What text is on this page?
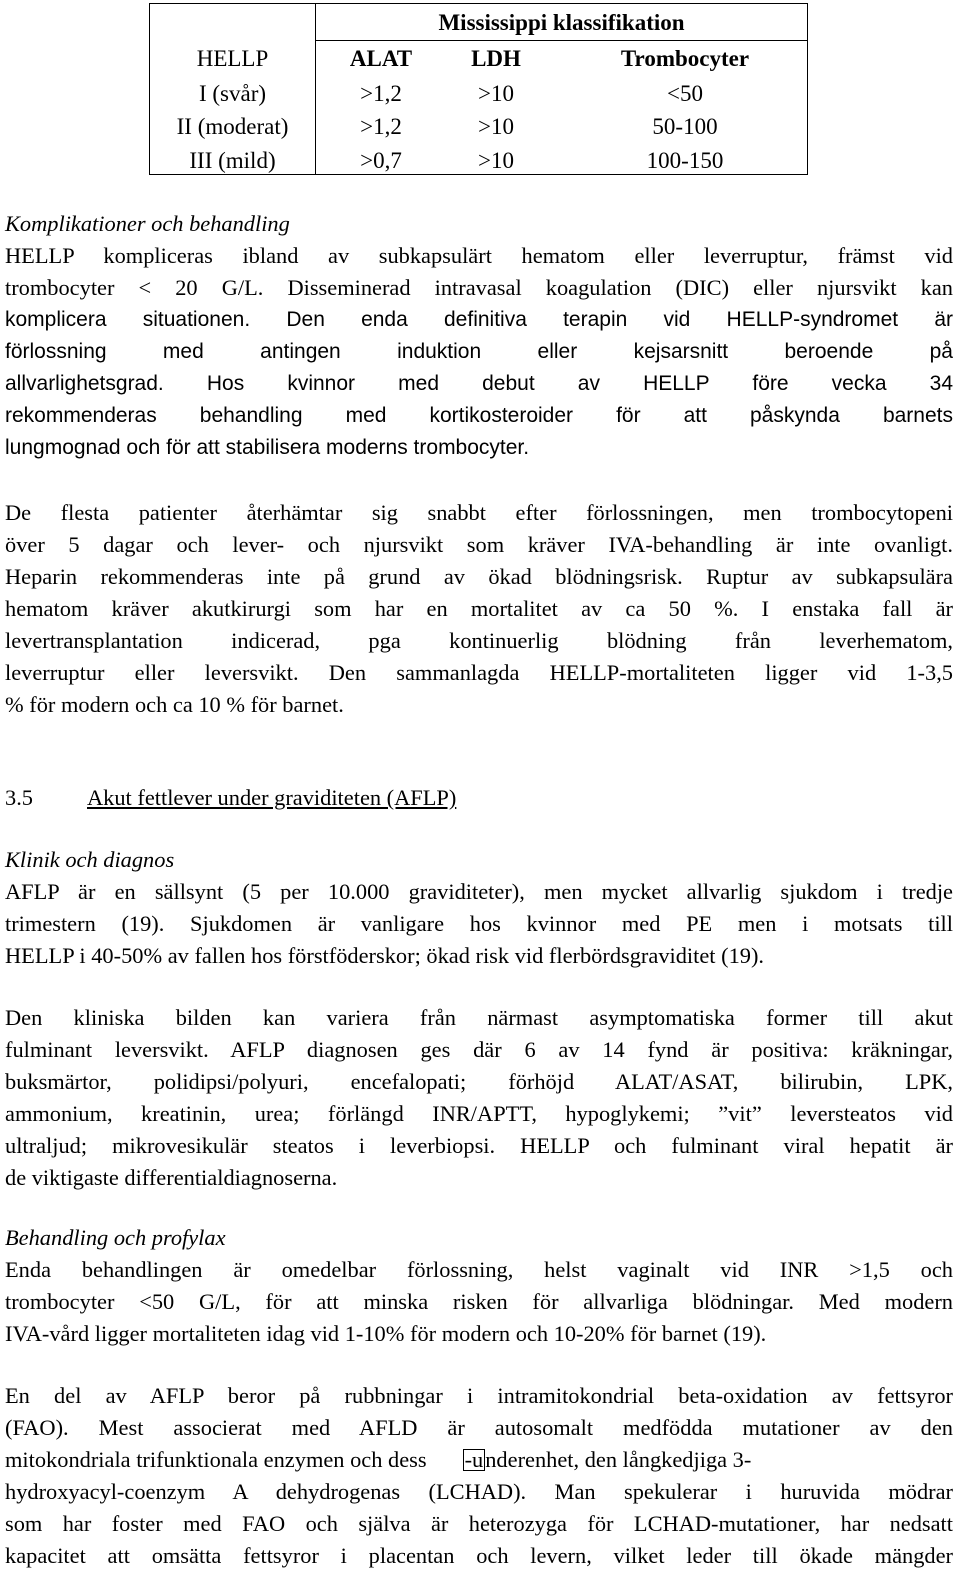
Mississippi klassifikation
HELLP	ALAT	LDH	Trombocyter
I (svår)	>1,2	>10	<50
II (moderat)	>1,2	>10	50-100
III (mild)	>0,7	>10	100-150
Komplikationer och behandling
HELLP kompliceras ibland av subkapsulärt hematom eller leverruptur, främst vid
trombocyter < 20 G/L. Disseminerad intravasal koagulation (DIC) eller njursvikt kan
komplicera situationen. Den enda definitiva terapin vid HELLP-syndromet är
förlossning med antingen induktion eller kejsarsnitt beroende på
allvarlighetsgrad. Hos kvinnor med debut av HELLP före vecka 34
rekommenderas behandling med kortikosteroider för att påskynda barnets
lungmognad och för att stabilisera moderns trombocyter.
De flesta patienter återhämtar sig snabbt efter förlossningen, men trombocytopeni
över 5 dagar och lever- och njursvikt som kräver IVA-behandling är inte ovanligt.
Heparin rekommenderas inte på grund av ökad blödningsrisk. Ruptur av subkapsulära
hematom kräver akutkirurgi som har en mortalitet av ca 50 %. I enstaka fall är
levertransplantation indicerad, pga kontinuerlig blödning från leverhematom,
leverruptur eller leversvikt. Den sammanlagda HELLP-mortaliteten ligger vid 1-3,5
% för modern och ca 10 % för barnet.
3.5 Akut fettlever under graviditeten (AFLP)
Klinik och diagnos
AFLP är en sällsynt (5 per 10.000 graviditeter), men mycket allvarlig sjukdom i tredje
trimestern (19). Sjukdomen är vanligare hos kvinnor med PE men i motsats till
HELLP i 40-50% av fallen hos förstföderskor; ökad risk vid flerbördsgraviditet (19).
Den kliniska bilden kan variera från närmast asymptomatiska former till akut
fulminant leversvikt. AFLP diagnosen ges där 6 av 14 fynd är positiva: kräkningar,
buksmärtor, polidipsi/polyuri, encefalopati; förhöjd ALAT/ASAT, bilirubin, LPK,
ammonium, kreatinin, urea; förlängd INR/APTT, hypoglykemi; ”vit” leversteatos vid
ultraljud; mikrovesikulär steatos i leverbiopsi. HELLP och fulminant viral hepatit är
de viktigaste differentialdiagnoserna.
Behandling och profylax
Enda behandlingen är omedelbar förlossning, helst vaginalt vid INR >1,5 och
trombocyter <50 G/L, för att minska risken för allvarliga blödningar. Med modern
IVA-vård ligger mortaliteten idag vid 1-10% för modern och 10-20% för barnet (19).
En del av AFLP beror på rubbningar i intramitokondrial beta-oxidation av fettsyror
(FAO). Mest associerat med AFLD är autosomalt medfödda mutationer av den
mitokondriala trifunktionala enzymen och dess -underenhet, den långkedjiga 3-
hydroxyacyl-coenzym A dehydrogenas (LCHAD). Man spekulerar i huruvida mödrar
som har foster med FAO och själva är heterozyga för LCHAD-mutationer, har nedsatt
kapacitet att omsätta fettsyror i placentan och levern, vilket leder till ökade mängder
